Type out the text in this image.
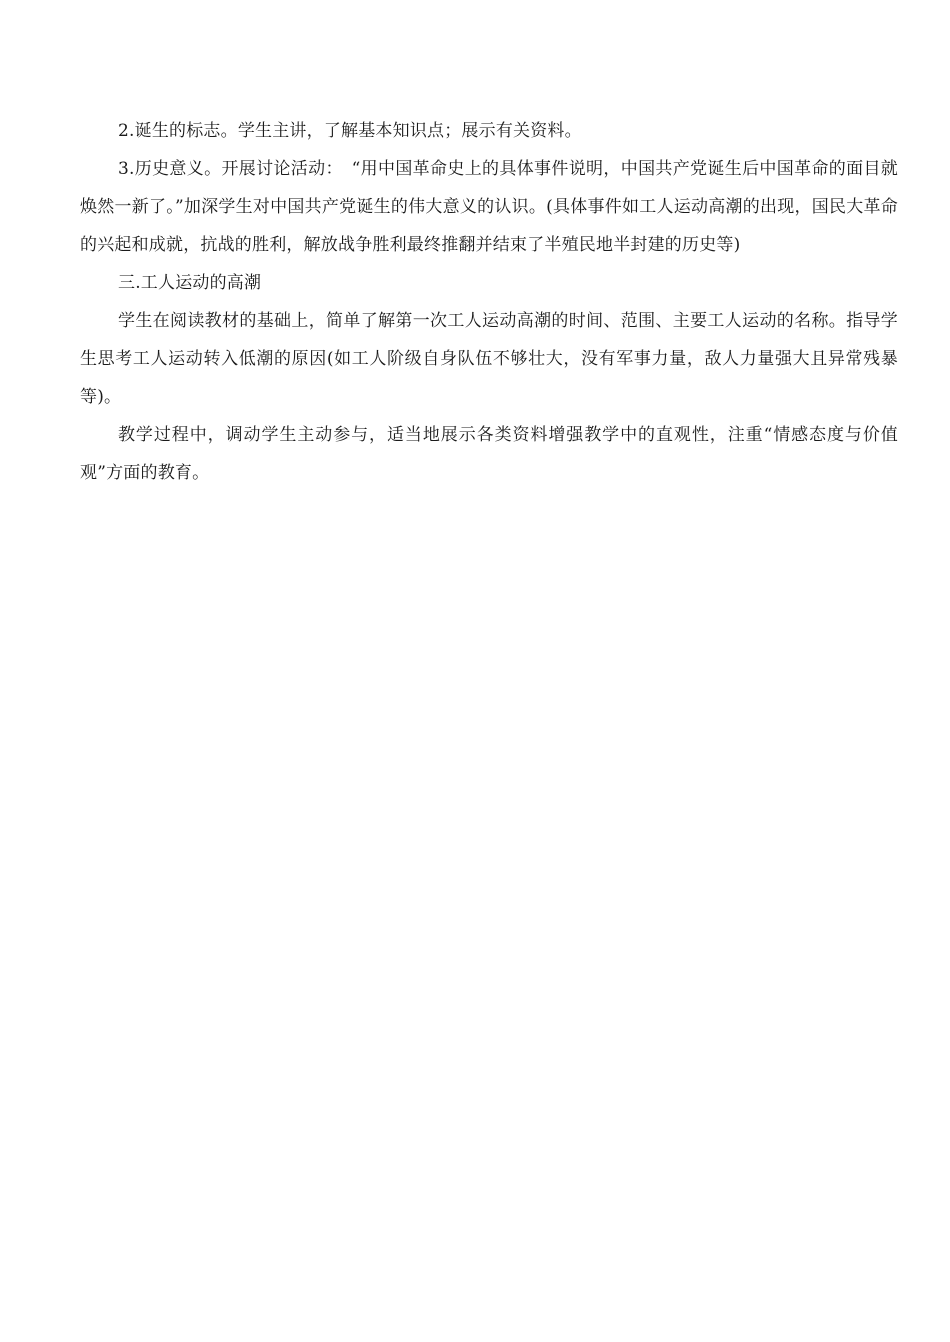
2.诞生的标志。学生主讲，了解基本知识点；展示有关资料。

3.历史意义。开展讨论活动：　“用中国革命史上的具体事件说明，中国共产党诞生后中国革命的面目就焕然一新了。”加深学生对中国共产党诞生的伟大意义的认识。(具体事件如工人运动高潮的出现，国民大革命的兴起和成就，抗战的胜利，解放战争胜利最终推翻并结束了半殖民地半封建的历史等)

三.工人运动的高潮

学生在阅读教材的基础上，简单了解第一次工人运动高潮的时间、范围、主要工人运动的名称。指导学生思考工人运动转入低潮的原因(如工人阶级自身队伍不够壮大，没有军事力量，敌人力量强大且异常残暴等)。

教学过程中，调动学生主动参与，适当地展示各类资料增强教学中的直观性，注重“情感态度与价值观”方面的教育。
